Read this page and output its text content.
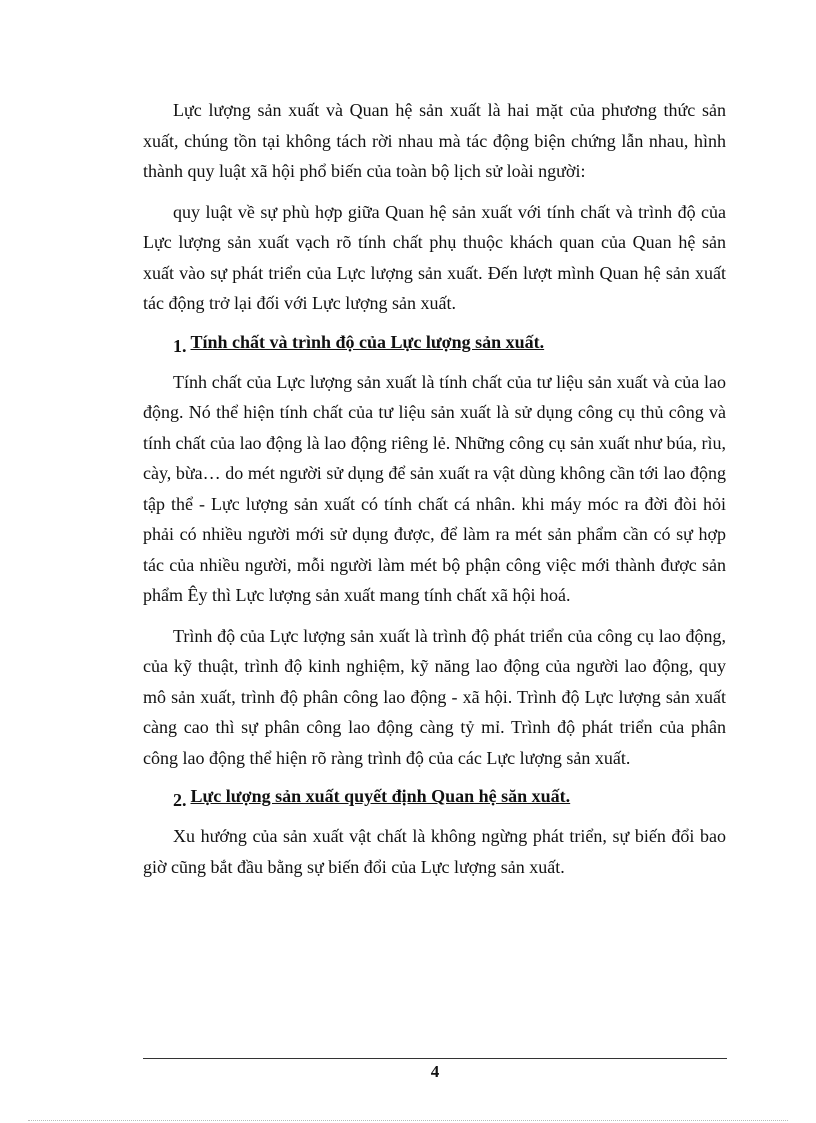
Lực lượng sản xuất và Quan hệ sản xuất là hai mặt của phương thức sản xuất, chúng tồn tại không tách rời nhau mà tác động biện chứng lẫn nhau, hình thành quy luật xã hội phổ biến của toàn bộ lịch sử loài người:

quy luật về sự phù hợp giữa Quan hệ sản xuất với tính chất và trình độ của Lực lượng sản xuất vạch rõ tính chất phụ thuộc khách quan của Quan hệ sản xuất vào sự phát triển của Lực lượng sản xuất. Đến lượt mình Quan hệ sản xuất tác động trở lại đối với Lực lượng sản xuất.

1. Tính chất và trình độ của Lực lượng sản xuất.

Tính chất của Lực lượng sản xuất là tính chất của tư liệu sản xuất và của lao động. Nó thể hiện tính chất của tư liệu sản xuất là sử dụng công cụ thủ công và tính chất của lao động là lao động riêng lẻ. Những công cụ sản xuất như búa, rìu, cày, bừa… do mét người sử dụng để sản xuất ra vật dùng không cần tới lao động tập thể - Lực lượng sản xuất có tính chất cá nhân. khi máy móc ra đời đòi hỏi phải có nhiều người mới sử dụng được, để làm ra mét sản phẩm cần có sự hợp tác của nhiều người, mỗi người làm mét bộ phận công việc mới thành được sản phẩm Êy thì Lực lượng sản xuất mang tính chất xã hội hoá.

Trình độ của Lực lượng sản xuất là trình độ phát triển của công cụ lao động, của kỹ thuật, trình độ kinh nghiệm, kỹ năng lao động của người lao động, quy mô sản xuất, trình độ phân công lao động - xã hội. Trình độ Lực lượng sản xuất càng cao thì sự phân công lao động càng tỷ mỉ. Trình độ phát triển của phân công lao động thể hiện rõ ràng trình độ của các Lực lượng sản xuất.

2. Lực lượng sản xuất quyết định Quan hệ săn xuất.

Xu hướng của sản xuất vật chất là không ngừng phát triển, sự biến đổi bao giờ cũng bắt đầu bằng sự biến đổi của Lực lượng sản xuất.

4
